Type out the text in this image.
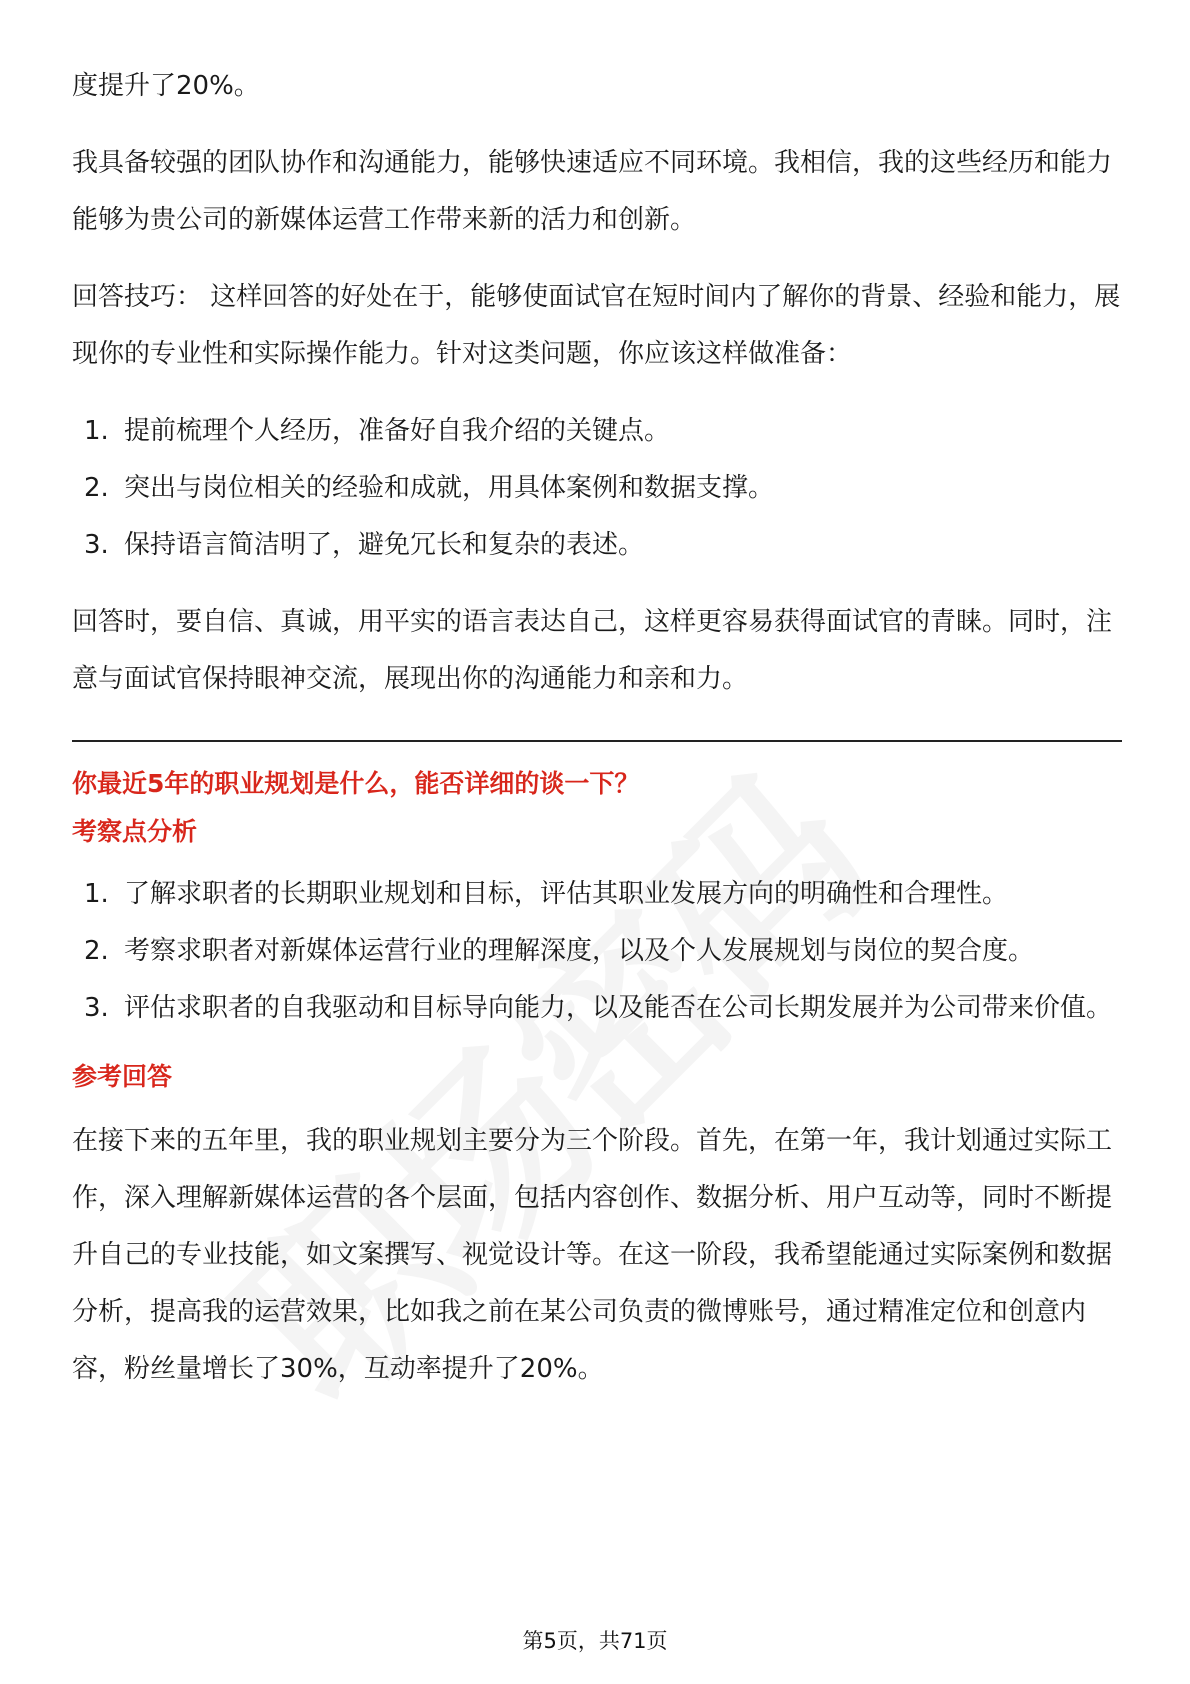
度提升了20%。

我具备较强的团队协作和沟通能力，能够快速适应不同环境。我相信，我的这些经历和能力能够为贵公司的新媒体运营工作带来新的活力和创新。

回答技巧： 这样回答的好处在于，能够使面试官在短时间内了解你的背景、经验和能力，展现你的专业性和实际操作能力。针对这类问题，你应该这样做准备：

1. 提前梳理个人经历，准备好自我介绍的关键点。
2. 突出与岗位相关的经验和成就，用具体案例和数据支撑。
3. 保持语言简洁明了，避免冗长和复杂的表述。

回答时，要自信、真诚，用平实的语言表达自己，这样更容易获得面试官的青睐。同时，注意与面试官保持眼神交流，展现出你的沟通能力和亲和力。

你最近5年的职业规划是什么，能否详细的谈一下？
考察点分析
1. 了解求职者的长期职业规划和目标，评估其职业发展方向的明确性和合理性。
2. 考察求职者对新媒体运营行业的理解深度，以及个人发展规划与岗位的契合度。
3. 评估求职者的自我驱动和目标导向能力，以及能否在公司长期发展并为公司带来价值。
参考回答

在接下来的五年里，我的职业规划主要分为三个阶段。首先，在第一年，我计划通过实际工作，深入理解新媒体运营的各个层面，包括内容创作、数据分析、用户互动等，同时不断提升自己的专业技能，如文案撰写、视觉设计等。在这一阶段，我希望能通过实际案例和数据分析，提高我的运营效果，比如我之前在某公司负责的微博账号，通过精准定位和创意内容，粉丝量增长了30%，互动率提升了20%。

第5页，共71页
